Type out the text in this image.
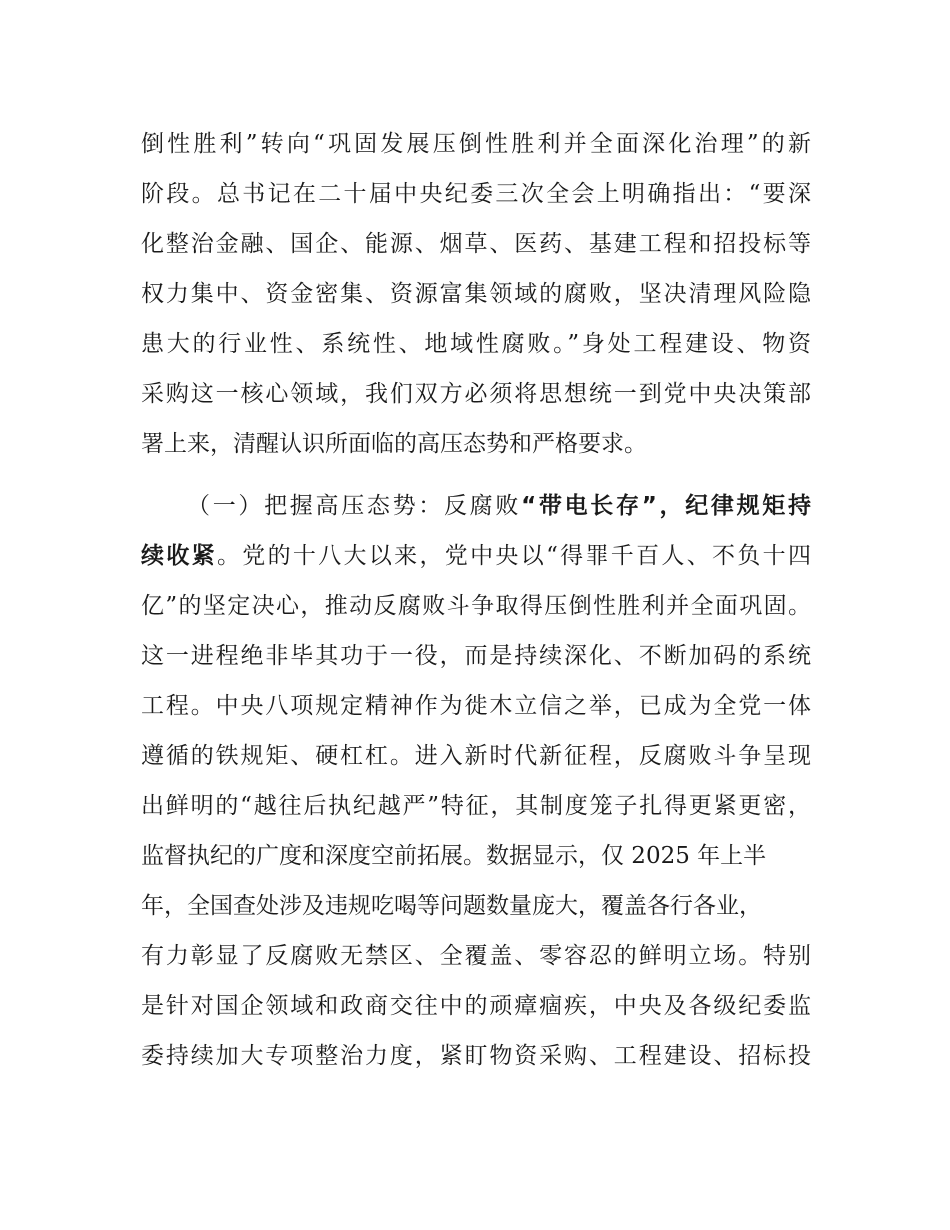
倒性胜利”转向“巩固发展压倒性胜利并全面深化治理”的新
阶段。总书记在二十届中央纪委三次全会上明确指出：“要深
化整治金融、国企、能源、烟草、医药、基建工程和招投标等
权力集中、资金密集、资源富集领域的腐败，坚决清理风险隐
患大的行业性、系统性、地域性腐败。”身处工程建设、物资
采购这一核心领域，我们双方必须将思想统一到党中央决策部
署上来，清醒认识所面临的高压态势和严格要求。
（一）把握高压态势：反腐败“带电长存”，纪律规矩持
续收紧。党的十八大以来，党中央以“得罪千百人、不负十四
亿”的坚定决心，推动反腐败斗争取得压倒性胜利并全面巩固。
这一进程绝非毕其功于一役，而是持续深化、不断加码的系统
工程。中央八项规定精神作为徙木立信之举，已成为全党一体
遵循的铁规矩、硬杠杠。进入新时代新征程，反腐败斗争呈现
出鲜明的“越往后执纪越严”特征，其制度笼子扎得更紧更密，
监督执纪的广度和深度空前拓展。数据显示，仅 2025 年上半
年，全国查处涉及违规吃喝等问题数量庞大，覆盖各行各业，
有力彰显了反腐败无禁区、全覆盖、零容忍的鲜明立场。特别
是针对国企领域和政商交往中的顽瘴痼疾，中央及各级纪委监
委持续加大专项整治力度，紧盯物资采购、工程建设、招标投
